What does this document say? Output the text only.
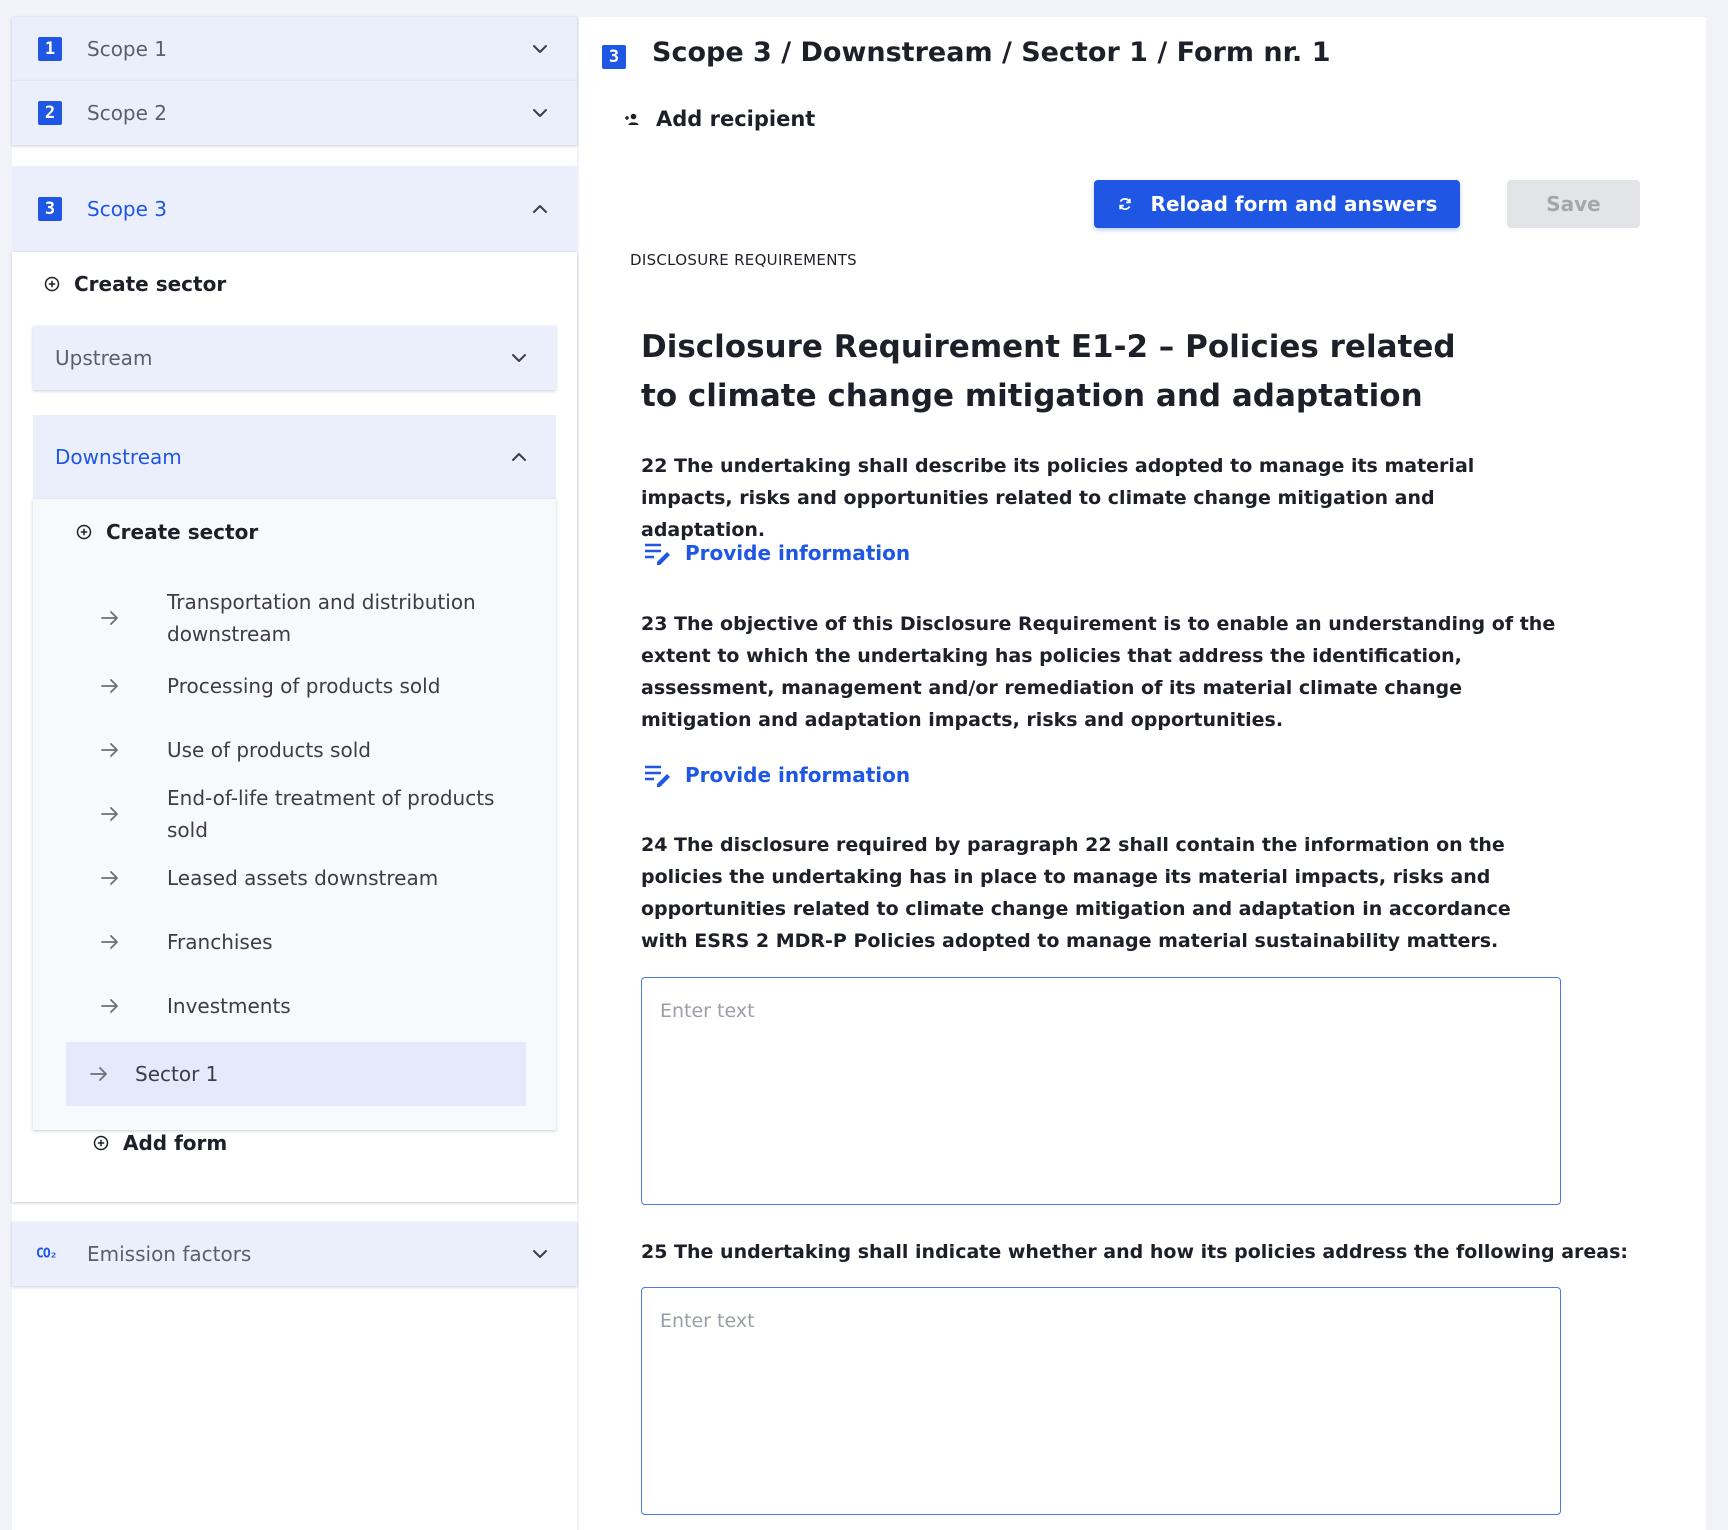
1	Scope 1
2	Scope 2
3	Scope 3
Create sector
Upstream
Downstream
Create sector
Transportation and distribution downstream
Processing of products sold
Use of products sold
End-of-life treatment of products sold
Leased assets downstream
Franchises
Investments
Sector 1
Add form
CO₂ Emission factors
3 Scope 3 / Downstream / Sector 1 / Form nr. 1
Add recipient
Reload form and answers	Save
DISCLOSURE REQUIREMENTS
Disclosure Requirement E1-2 – Policies related to climate change mitigation and adaptation

22 The undertaking shall describe its policies adopted to manage its material impacts, risks and opportunities related to climate change mitigation and adaptation.

Provide information

23 The objective of this Disclosure Requirement is to enable an understanding of the extent to which the undertaking has policies that address the identification, assessment, management and/or remediation of its material climate change mitigation and adaptation impacts, risks and opportunities.

Provide information

24 The disclosure required by paragraph 22 shall contain the information on the policies the undertaking has in place to manage its material impacts, risks and opportunities related to climate change mitigation and adaptation in accordance with ESRS 2 MDR-P Policies adopted to manage material sustainability matters.

Enter text

25 The undertaking shall indicate whether and how its policies address the following areas:

Enter text
